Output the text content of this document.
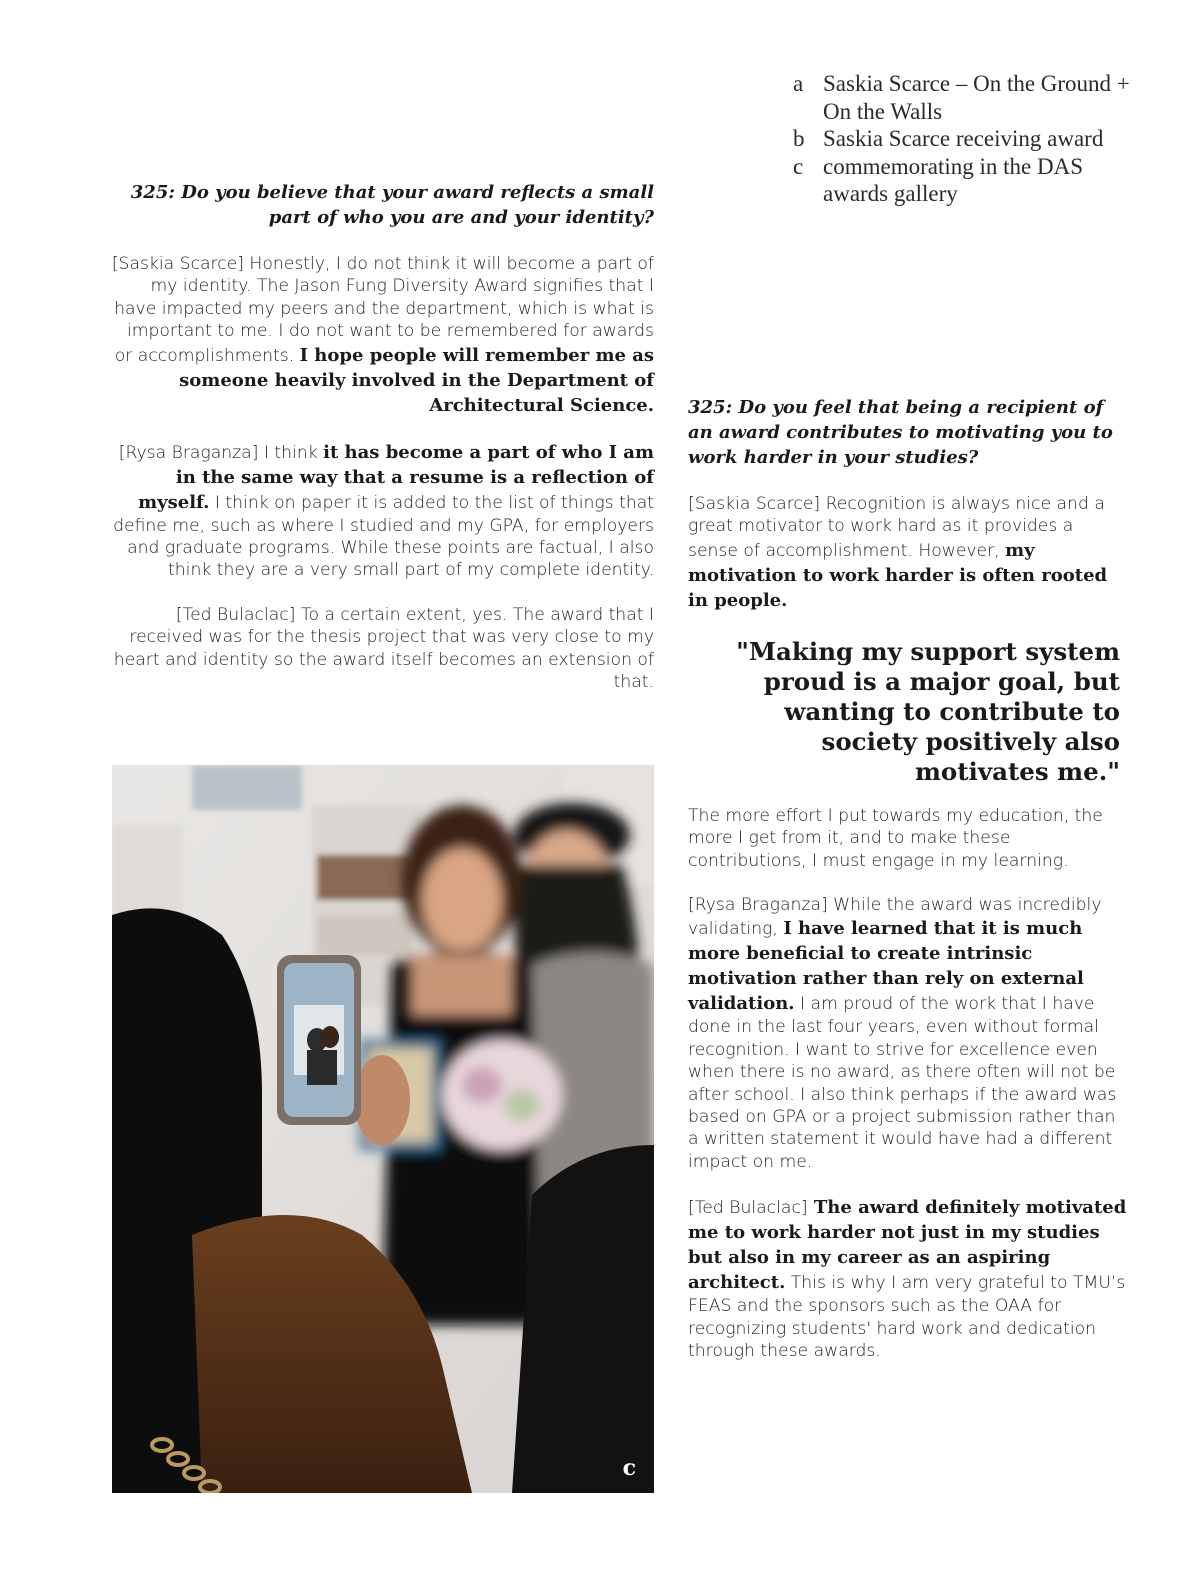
a Saskia Scarce – On the Ground + On the Walls
b Saskia Scarce receiving award
c commemorating in the DAS awards gallery

325: Do you believe that your award reflects a small part of who you are and your identity?

[Saskia Scarce] Honestly, I do not think it will become a part of my identity. The Jason Fung Diversity Award signifies that I have impacted my peers and the department, which is what is important to me. I do not want to be remembered for awards or accomplishments. I hope people will remember me as someone heavily involved in the Department of Architectural Science.

[Rysa Braganza] I think it has become a part of who I am in the same way that a resume is a reflection of myself. I think on paper it is added to the list of things that define me, such as where I studied and my GPA, for employers and graduate programs. While these points are factual, I also think they are a very small part of my complete identity.

[Ted Bulaclac] To a certain extent, yes. The award that I received was for the thesis project that was very close to my heart and identity so the award itself becomes an extension of that.

c

325: Do you feel that being a recipient of an award contributes to motivating you to work harder in your studies?

[Saskia Scarce] Recognition is always nice and a great motivator to work hard as it provides a sense of accomplishment. However, my motivation to work harder is often rooted in people.

"Making my support system proud is a major goal, but wanting to contribute to society positively also motivates me."

The more effort I put towards my education, the more I get from it, and to make these contributions, I must engage in my learning.

[Rysa Braganza] While the award was incredibly validating, I have learned that it is much more beneficial to create intrinsic motivation rather than rely on external validation. I am proud of the work that I have done in the last four years, even without formal recognition. I want to strive for excellence even when there is no award, as there often will not be after school. I also think perhaps if the award was based on GPA or a project submission rather than a written statement it would have had a different impact on me.

[Ted Bulaclac] The award definitely motivated me to work harder not just in my studies but also in my career as an aspiring architect. This is why I am very grateful to TMU’s FEAS and the sponsors such as the OAA for recognizing students' hard work and dedication through these awards.
